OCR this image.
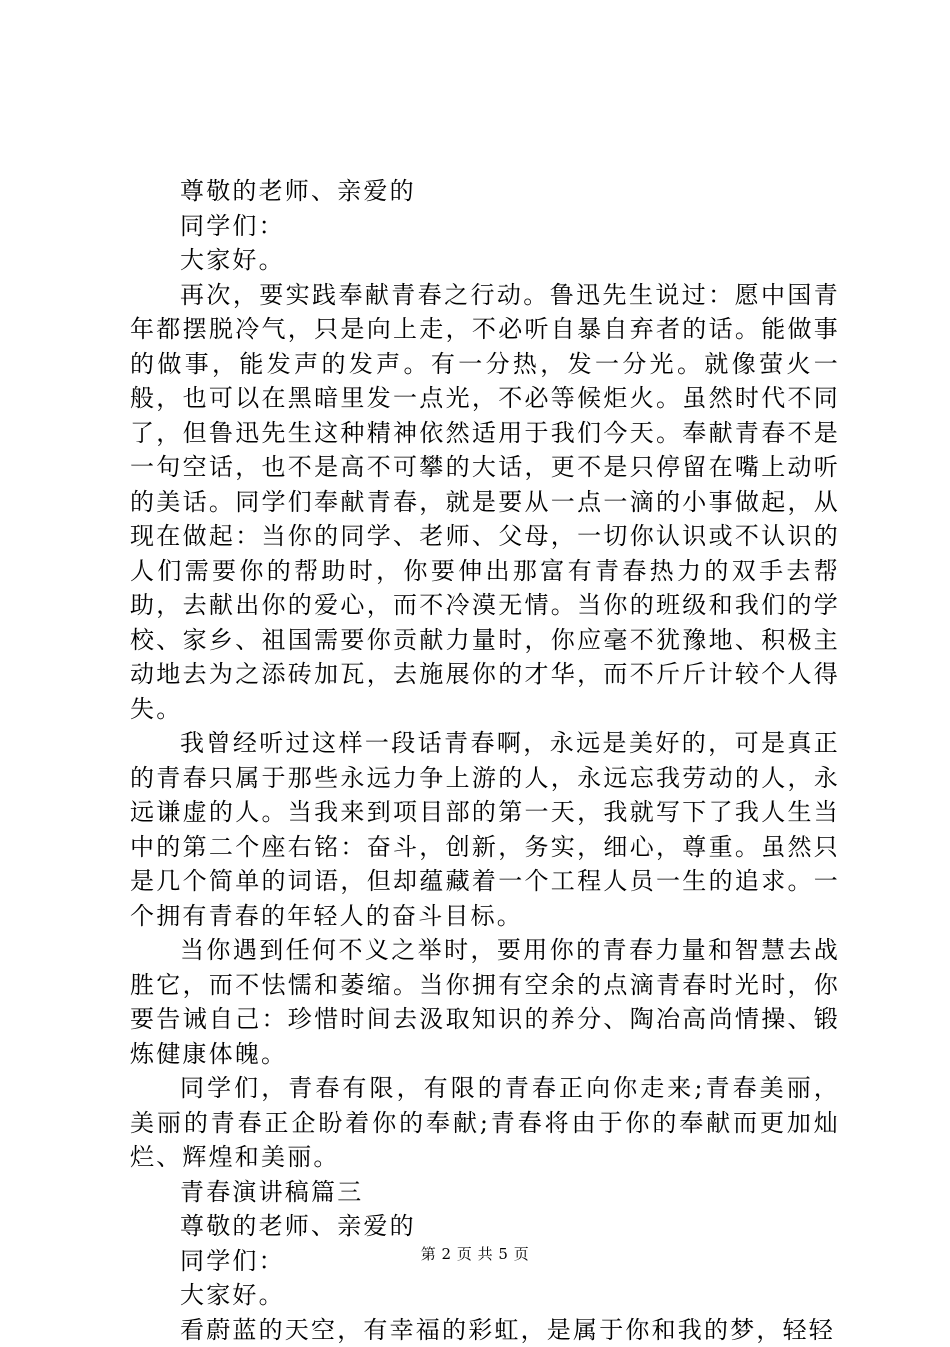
尊敬的老师、亲爱的

同学们：

大家好。

再次，要实践奉献青春之行动。鲁迅先生说过：愿中国青年都摆脱冷气，只是向上走，不必听自暴自弃者的话。能做事的做事，能发声的发声。有一分热，发一分光。就像萤火一般，也可以在黑暗里发一点光，不必等候炬火。虽然时代不同了，但鲁迅先生这种精神依然适用于我们今天。奉献青春不是一句空话，也不是高不可攀的大话，更不是只停留在嘴上动听的美话。同学们奉献青春，就是要从一点一滴的小事做起，从现在做起：当你的同学、老师、父母，一切你认识或不认识的人们需要你的帮助时，你要伸出那富有青春热力的双手去帮助，去献出你的爱心，而不冷漠无情。当你的班级和我们的学校、家乡、祖国需要你贡献力量时，你应毫不犹豫地、积极主动地去为之添砖加瓦，去施展你的才华，而不斤斤计较个人得失。

我曾经听过这样一段话青春啊，永远是美好的，可是真正的青春只属于那些永远力争上游的人，永远忘我劳动的人，永远谦虚的人。当我来到项目部的第一天，我就写下了我人生当中的第二个座右铭：奋斗，创新，务实，细心，尊重。虽然只是几个简单的词语，但却蕴藏着一个工程人员一生的追求。一个拥有青春的年轻人的奋斗目标。

当你遇到任何不义之举时，要用你的青春力量和智慧去战胜它，而不怯懦和萎缩。当你拥有空余的点滴青春时光时，你要告诫自己：珍惜时间去汲取知识的养分、陶冶高尚情操、锻炼健康体魄。

同学们，青春有限，有限的青春正向你走来;青春美丽，美丽的青春正企盼着你的奉献;青春将由于你的奉献而更加灿烂、辉煌和美丽。

青春演讲稿篇三

尊敬的老师、亲爱的

同学们：

大家好。

看蔚蓝的天空，有幸福的彩虹，是属于你和我的梦，轻轻

第 2 页 共 5 页
